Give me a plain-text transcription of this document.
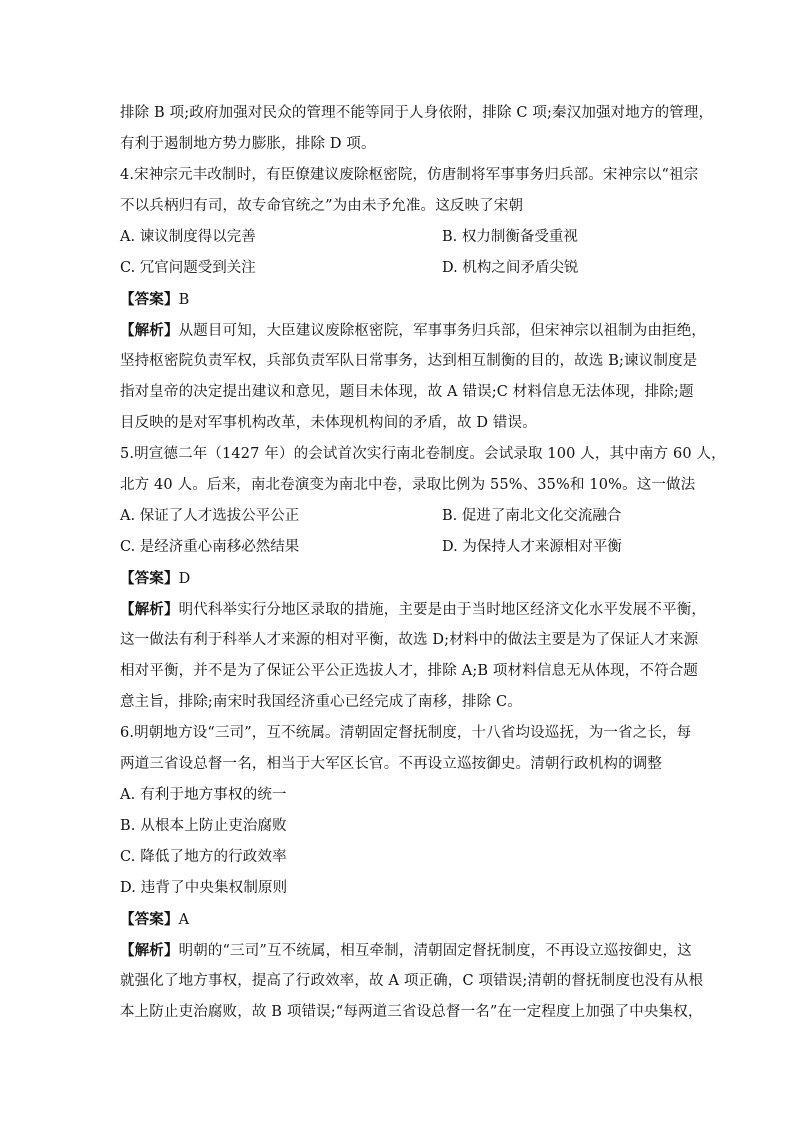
排除 B 项;政府加强对民众的管理不能等同于人身依附，排除 C 项;秦汉加强对地方的管理，
有利于遏制地方势力膨胀，排除 D 项。
4.宋神宗元丰改制时，有臣僚建议废除枢密院，仿唐制将军事事务归兵部。宋神宗以“祖宗
不以兵柄归有司，故专命官统之”为由未予允准。这反映了宋朝
A. 谏议制度得以完善	B. 权力制衡备受重视
C. 冗官问题受到关注	D. 机构之间矛盾尖锐
【答案】B
【解析】从题目可知，大臣建议废除枢密院，军事事务归兵部，但宋神宗以祖制为由拒绝，
坚持枢密院负责军权，兵部负责军队日常事务，达到相互制衡的目的，故选 B;谏议制度是
指对皇帝的决定提出建议和意见，题目未体现，故 A 错误;C 材料信息无法体现，排除;题
目反映的是对军事机构改革，未体现机构间的矛盾，故 D 错误。
5.明宣德二年（1427 年）的会试首次实行南北卷制度。会试录取 100 人，其中南方 60 人，
北方 40 人。后来，南北卷演变为南北中卷，录取比例为 55%、35%和 10%。这一做法
A. 保证了人才选拔公平公正	B. 促进了南北文化交流融合
C. 是经济重心南移必然结果	D. 为保持人才来源相对平衡
【答案】D
【解析】明代科举实行分地区录取的措施，主要是由于当时地区经济文化水平发展不平衡，
这一做法有利于科举人才来源的相对平衡，故选 D;材料中的做法主要是为了保证人才来源
相对平衡，并不是为了保证公平公正选拔人才，排除 A;B 项材料信息无从体现，不符合题
意主旨，排除;南宋时我国经济重心已经完成了南移，排除 C。
6.明朝地方设“三司”，互不统属。清朝固定督抚制度，十八省均设巡抚，为一省之长，每
两道三省设总督一名，相当于大军区长官。不再设立巡按御史。清朝行政机构的调整
A. 有利于地方事权的统一
B. 从根本上防止吏治腐败
C. 降低了地方的行政效率
D. 违背了中央集权制原则
【答案】A
【解析】明朝的“三司”互不统属，相互牵制，清朝固定督抚制度，不再设立巡按御史，这
就强化了地方事权，提高了行政效率，故 A 项正确，C 项错误;清朝的督抚制度也没有从根
本上防止吏治腐败，故 B 项错误;“每两道三省设总督一名”在一定程度上加强了中央集权，
